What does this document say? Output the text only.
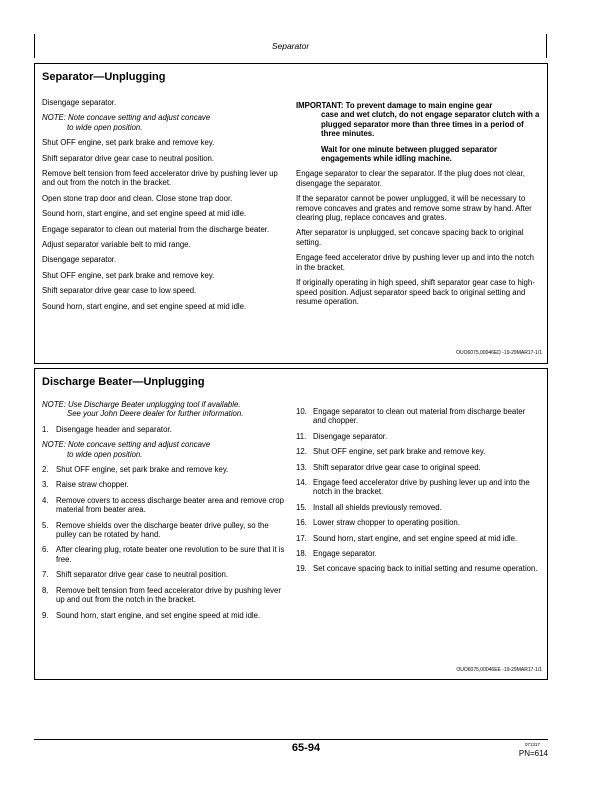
Separator
Separator—Unplugging

Disengage separator.

NOTE: Note concave setting and adjust concave
to wide open position.

Shut OFF engine, set park brake and remove key.

Shift separator drive gear case to neutral position.

Remove belt tension from feed accelerator drive by pushing lever up and out from the notch in the bracket.

Open stone trap door and clean. Close stone trap door.

Sound horn, start engine, and set engine speed at mid idle.

Engage separator to clean out material from the discharge beater.

Adjust separator variable belt to mid range.

Disengage separator.

Shut OFF engine, set park brake and remove key.

Shift separator drive gear case to low speed.

Sound horn, start engine, and set engine speed at mid idle.

IMPORTANT: To prevent damage to main engine gear

case and wet clutch, do not engage separator clutch with a plugged separator more than three times in a period of three minutes.

Wait for one minute between plugged separator engagements while idling machine.

Engage separator to clear the separator. If the plug does not clear, disengage the separator.

If the separator cannot be power unplugged, it will be necessary to remove concaves and grates and remove some straw by hand. After clearing plug, replace concaves and grates.

After separator is unplugged, set concave spacing back to original setting.

Engage feed accelerator drive by pushing lever up and into the notch in the bracket.

If originally operating in high speed, shift separator gear case to high-speed position. Adjust separator speed back to original setting and resume operation.

OUO6075,00046ED -19-29MAR17-1/1
Discharge Beater—Unplugging

NOTE: Use Discharge Beater unplugging tool if available.
See your John Deere dealer for further information.

1. Disengage header and separator.

NOTE: Note concave setting and adjust concave
to wide open position.

2. Shut OFF engine, set park brake and remove key.
3. Raise straw chopper.
4. Remove covers to access discharge beater area and remove crop material from beater area.
5. Remove shields over the discharge beater drive pulley, so the pulley can be rotated by hand.
6. After clearing plug, rotate beater one revolution to be sure that it is free.
7. Shift separator drive gear case to neutral position.
8. Remove belt tension from feed accelerator drive by pushing lever up and out from the notch in the bracket.
9. Sound horn, start engine, and set engine speed at mid idle.
10. Engage separator to clean out material from discharge beater and chopper.
11. Disengage separator.
12. Shut OFF engine, set park brake and remove key.
13. Shift separator drive gear case to original speed.
14. Engage feed accelerator drive by pushing lever up and into the notch in the bracket.
15. Install all shields previously removed.
16. Lower straw chopper to operating position.
17. Sound horn, start engine, and set engine speed at mid idle.
18. Engage separator.
19. Set concave spacing back to initial setting and resume operation.
OUO6075,00046EE -19-29MAR17-1/1
65-94	071317
PN=614
